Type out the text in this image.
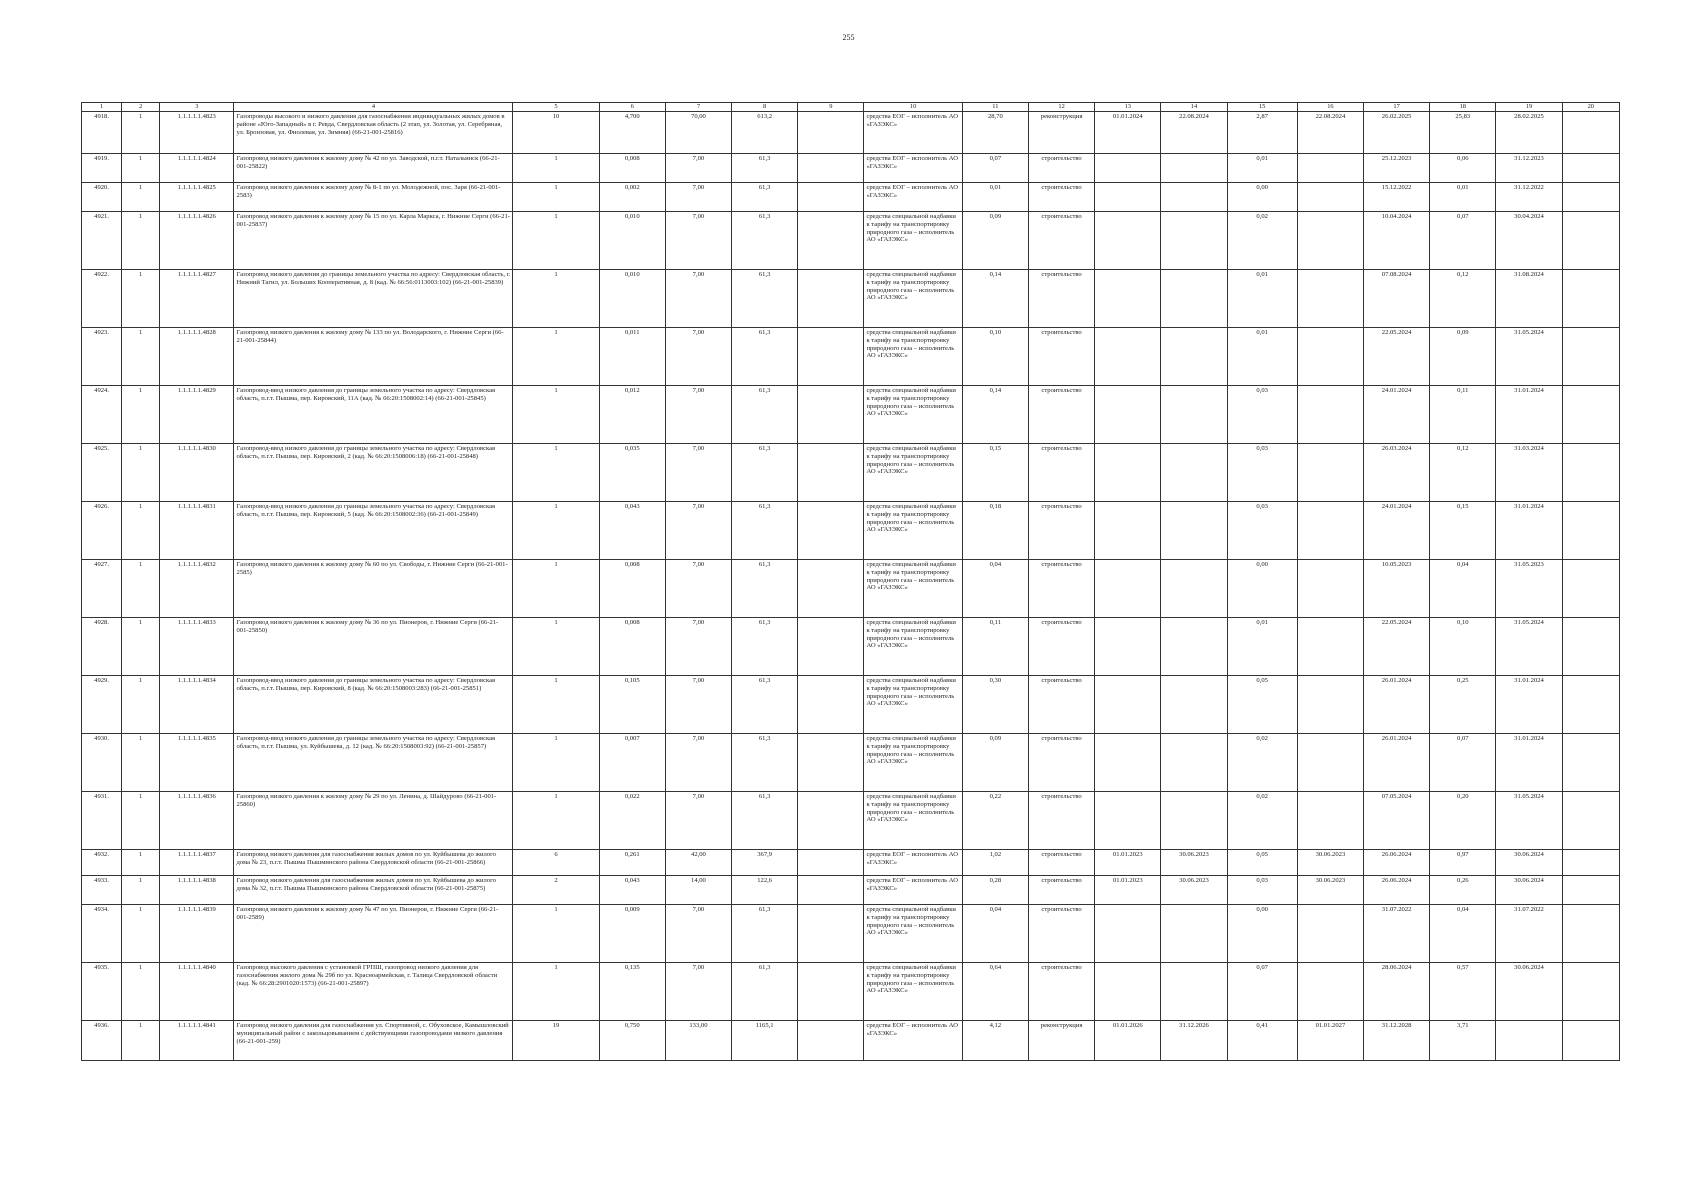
255
1	2	3	4	5	6	7	8	9	10	11	12	13	14	15	16	17	18	19	20
4918.	1	1.1.1.1.1.4823	Газопроводы высокого и низкого давления для газоснабжения индивидуальных жилых домов в районе «Юго-Западный» в г. Ревда, Свердловская область (2 этап, ул. Золотая, ул. Серебряная, ул. Бронзовая, ул. Фиолевая, ул. Зимняя) (66-21-001-25816)	10	4,700	70,00	613,2		средства ЕОГ – исполнитель АО «ГАЗЭКС»	28,70	реконструкция	01.01.2024	22.08.2024	2,87	22.08.2024	26.02.2025	25,83	28.02.2025	
4919.	1	1.1.1.1.1.4824	Газопровод низкого давления к жилому дому № 42 по ул. Заводской, п.г.т. Натальинск (66-21-001-25822)	1	0,008	7,00	61,3		средства ЕОГ – исполнитель АО «ГАЗЭКС»	0,07	строительство			0,01		25.12.2023	0,06	31.12.2023	
4920.	1	1.1.1.1.1.4825	Газопровод низкого давления к жилому дому № 8-1 по ул. Молодежной, пос. Заря (66-21-001-2583)	1	0,002	7,00	61,3		средства ЕОГ – исполнитель АО «ГАЗЭКС»	0,01	строительство			0,00		15.12.2022	0,01	31.12.2022	
4921.	1	1.1.1.1.1.4826	Газопровод низкого давления к жилому дому № 15 по ул. Карла Маркса, г. Нижние Серги (66-21-001-25837)	1	0,010	7,00	61,3		средства специальной надбавки к тарифу на транспортировку природного газа – исполнитель АО «ГАЗЭКС»	0,09	строительство			0,02		10.04.2024	0,07	30.04.2024	
4922.	1	1.1.1.1.1.4827	Газопровод низкого давления до границы земельного участка по адресу: Свердловская область, г. Нижний Тагил, ул. Больших Кооперативная, д. 8 (кад. № 66:56:0113003:102) (66-21-001-25839)	1	0,010	7,00	61,3		средства специальной надбавки к тарифу на транспортировку природного газа – исполнитель АО «ГАЗЭКС»	0,14	строительство			0,01		07.08.2024	0,12	31.08.2024	
4923.	1	1.1.1.1.1.4828	Газопровод низкого давления к жилому дому № 133 по ул. Володарского, г. Нижние Серги (66-21-001-25844)	1	0,011	7,00	61,3		средства специальной надбавки к тарифу на транспортировку природного газа – исполнитель АО «ГАЗЭКС»	0,10	строительство			0,01		22.05.2024	0,09	31.05.2024	
4924.	1	1.1.1.1.1.4829	Газопровод-ввод низкого давления до границы земельного участка по адресу: Свердловская область, п.г.т. Пышма, пер. Кировский, 11А (кад. № 66:20:1508002:14) (66-21-001-25845)	1	0,012	7,00	61,3		средства специальной надбавки к тарифу на транспортировку природного газа – исполнитель АО «ГАЗЭКС»	0,14	строительство			0,03		24.01.2024	0,11	31.01.2024	
4925.	1	1.1.1.1.1.4830	Газопровод-ввод низкого давления до границы земельного участка по адресу: Свердловская область, п.г.т. Пышма, пер. Кировский, 2 (кад. № 66:20:1508006:18) (66-21-001-25848)	1	0,035	7,00	61,3		средства специальной надбавки к тарифу на транспортировку природного газа – исполнитель АО «ГАЗЭКС»	0,15	строительство			0,03		26.03.2024	0,12	31.03.2024	
4926.	1	1.1.1.1.1.4831	Газопровод-ввод низкого давления до границы земельного участка по адресу: Свердловская область, п.г.т. Пышма, пер. Кировский, 5 (кад. № 66:20:1508002:36) (66-21-001-25849)	1	0,043	7,00	61,3		средства специальной надбавки к тарифу на транспортировку природного газа – исполнитель АО «ГАЗЭКС»	0,18	строительство			0,03		24.01.2024	0,15	31.01.2024	
4927.	1	1.1.1.1.1.4832	Газопровод низкого давления к жилому дому № 60 по ул. Свободы, г. Нижние Серги (66-21-001-2585)	1	0,008	7,00	61,3		средства специальной надбавки к тарифу на транспортировку природного газа – исполнитель АО «ГАЗЭКС»	0,04	строительство			0,00		10.05.2023	0,04	31.05.2023	
4928.	1	1.1.1.1.1.4833	Газопровод низкого давления к жилому дому № 36 по ул. Пионеров, г. Нижние Серги (66-21-001-25850)	1	0,008	7,00	61,3		средства специальной надбавки к тарифу на транспортировку природного газа – исполнитель АО «ГАЗЭКС»	0,11	строительство			0,01		22.05.2024	0,10	31.05.2024	
4929.	1	1.1.1.1.1.4834	Газопровод-ввод низкого давления до границы земельного участка по адресу: Свердловская область, п.г.т. Пышма, пер. Кировский, 8 (кад. № 66:20:1508003:283) (66-21-001-25851)	1	0,105	7,00	61,3		средства специальной надбавки к тарифу на транспортировку природного газа – исполнитель АО «ГАЗЭКС»	0,30	строительство			0,05		26.01.2024	0,25	31.01.2024	
4930.	1	1.1.1.1.1.4835	Газопровод-ввод низкого давления до границы земельного участка по адресу: Свердловская область, п.г.т. Пышма, ул. Куйбышева, д. 12 (кад. № 66:20:1508003:92) (66-21-001-25857)	1	0,007	7,00	61,3		средства специальной надбавки к тарифу на транспортировку природного газа – исполнитель АО «ГАЗЭКС»	0,09	строительство			0,02		26.01.2024	0,07	31.01.2024	
4931.	1	1.1.1.1.1.4836	Газопровод низкого давления к жилому дому № 29 по ул. Ленина, д. Шайдурово (66-21-001-25860)	1	0,022	7,00	61,3		средства специальной надбавки к тарифу на транспортировку природного газа – исполнитель АО «ГАЗЭКС»	0,22	строительство			0,02		07.05.2024	0,20	31.05.2024	
4932.	1	1.1.1.1.1.4837	Газопровод низкого давления для газоснабжения жилых домов по ул. Куйбышева до жилого дома № 23, п.г.т. Пышма Пышминского района Свердловской области (66-21-001-25866)	6	0,261	42,00	367,9		средства ЕОГ – исполнитель АО «ГАЗЭКС»	1,02	строительство	01.01.2023	30.06.2023	0,05	30.06.2023	26.06.2024	0,97	30.06.2024	
4933.	1	1.1.1.1.1.4838	Газопровод низкого давления для газоснабжения жилых домов по ул. Куйбышева до жилого дома № 32, п.г.т. Пышма Пышминского района Свердловской области (66-21-001-25875)	2	0,043	14,00	122,6		средства ЕОГ – исполнитель АО «ГАЗЭКС»	0,28	строительство	01.01.2023	30.06.2023	0,03	30.06.2023	26.06.2024	0,26	30.06.2024	
4934.	1	1.1.1.1.1.4839	Газопровод низкого давления к жилому дому № 47 по ул. Пионеров, г. Нижние Серги (66-21-001-2589)	1	0,009	7,00	61,3		средства специальной надбавки к тарифу на транспортировку природного газа – исполнитель АО «ГАЗЭКС»	0,04	строительство			0,00		31.07.2022	0,04	31.07.2022	
4935.	1	1.1.1.1.1.4840	Газопровод высокого давления с установкой ГРПШ, газопровод низкого давления для газоснабжения жилого дома № 29б по ул. Красноармейская, г. Талица Свердловской области (кад. № 66:28:2901020:1573) (66-21-001-25897)	1	0,135	7,00	61,3		средства специальной надбавки к тарифу на транспортировку природного газа – исполнитель АО «ГАЗЭКС»	0,64	строительство			0,07		28.06.2024	0,57	30.06.2024	
4936.	1	1.1.1.1.1.4841	Газопровод низкого давления для газоснабжения ул. Спортивной, с. Обуховское, Камышловский муниципальный район с закольцовыванием с действующими газопроводами низкого давления (66-21-001-259)	19	0,750	133,00	1165,1		средства ЕОГ – исполнитель АО «ГАЗЭКС»	4,12	реконструкция	01.01.2026	31.12.2026	0,41	01.01.2027	31.12.2028	3,71		
